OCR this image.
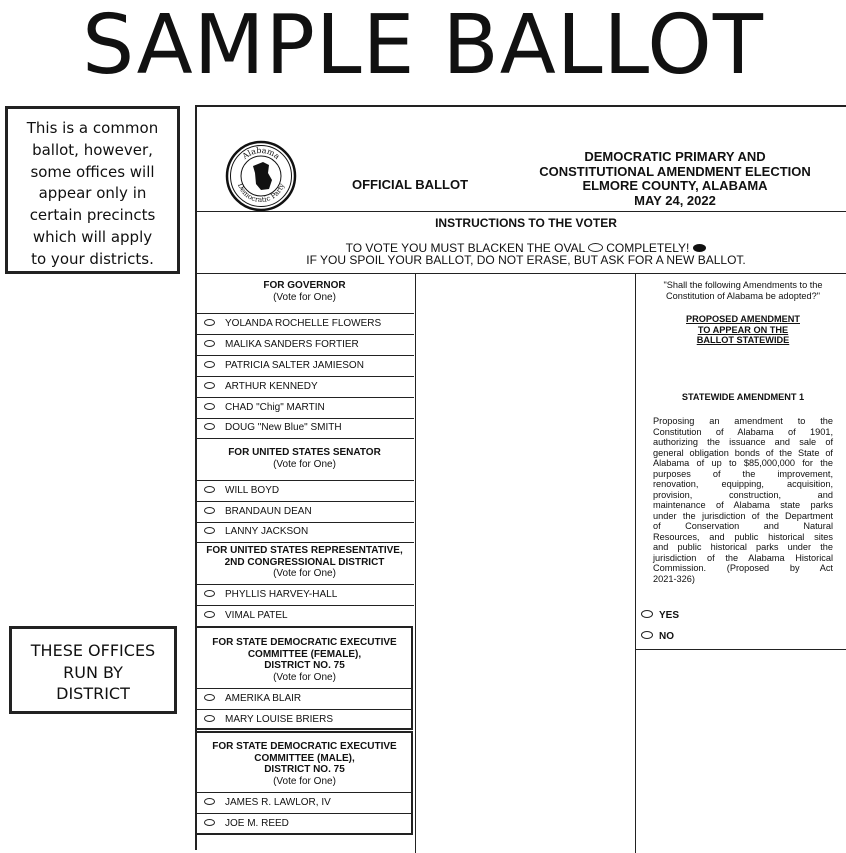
SAMPLE BALLOT
This is a common
ballot, however,
some offices will
appear only in
certain precincts
which will apply
to your districts.
THESE OFFICES
RUN BY
DISTRICT
Alabama
Democratic Party	OFFICIAL BALLOT
DEMOCRATIC PRIMARY AND
CONSTITUTIONAL AMENDMENT ELECTION
ELMORE COUNTY, ALABAMA
MAY 24, 2022
INSTRUCTIONS TO THE VOTER
TO VOTE YOU MUST BLACKEN THE OVAL COMPLETELY!
IF YOU SPOIL YOUR BALLOT, DO NOT ERASE, BUT ASK FOR A NEW BALLOT.
FOR GOVERNOR
(Vote for One)
YOLANDA ROCHELLE FLOWERS
MALIKA SANDERS FORTIER
PATRICIA SALTER JAMIESON
ARTHUR KENNEDY
CHAD "Chig" MARTIN
DOUG "New Blue" SMITH
FOR UNITED STATES SENATOR
(Vote for One)
WILL BOYD
BRANDAUN DEAN
LANNY JACKSON
FOR UNITED STATES REPRESENTATIVE,
2ND CONGRESSIONAL DISTRICT
(Vote for One)
PHYLLIS HARVEY-HALL
VIMAL PATEL
FOR STATE DEMOCRATIC EXECUTIVE
COMMITTEE (FEMALE),
DISTRICT NO. 75
(Vote for One)
AMERIKA BLAIR
MARY LOUISE BRIERS
FOR STATE DEMOCRATIC EXECUTIVE
COMMITTEE (MALE),
DISTRICT NO. 75
(Vote for One)
JAMES R. LAWLOR, IV
JOE M. REED
"Shall the following Amendments to the Constitution of Alabama be adopted?"
PROPOSED AMENDMENT
TO APPEAR ON THE
BALLOT STATEWIDE
STATEWIDE AMENDMENT 1
Proposing an amendment to the
Constitution of Alabama of 1901,
authorizing the issuance and sale of
general obligation bonds of the State of
Alabama of up to $85,000,000 for the
purposes of the improvement,
renovation, equipping, acquisition,
provision, construction, and
maintenance of Alabama state parks
under the jurisdiction of the Department
of Conservation and Natural
Resources, and public historical sites
and public historical parks under the
jurisdiction of the Alabama Historical
Commission. (Proposed by Act
2021-326)
YES
NO
